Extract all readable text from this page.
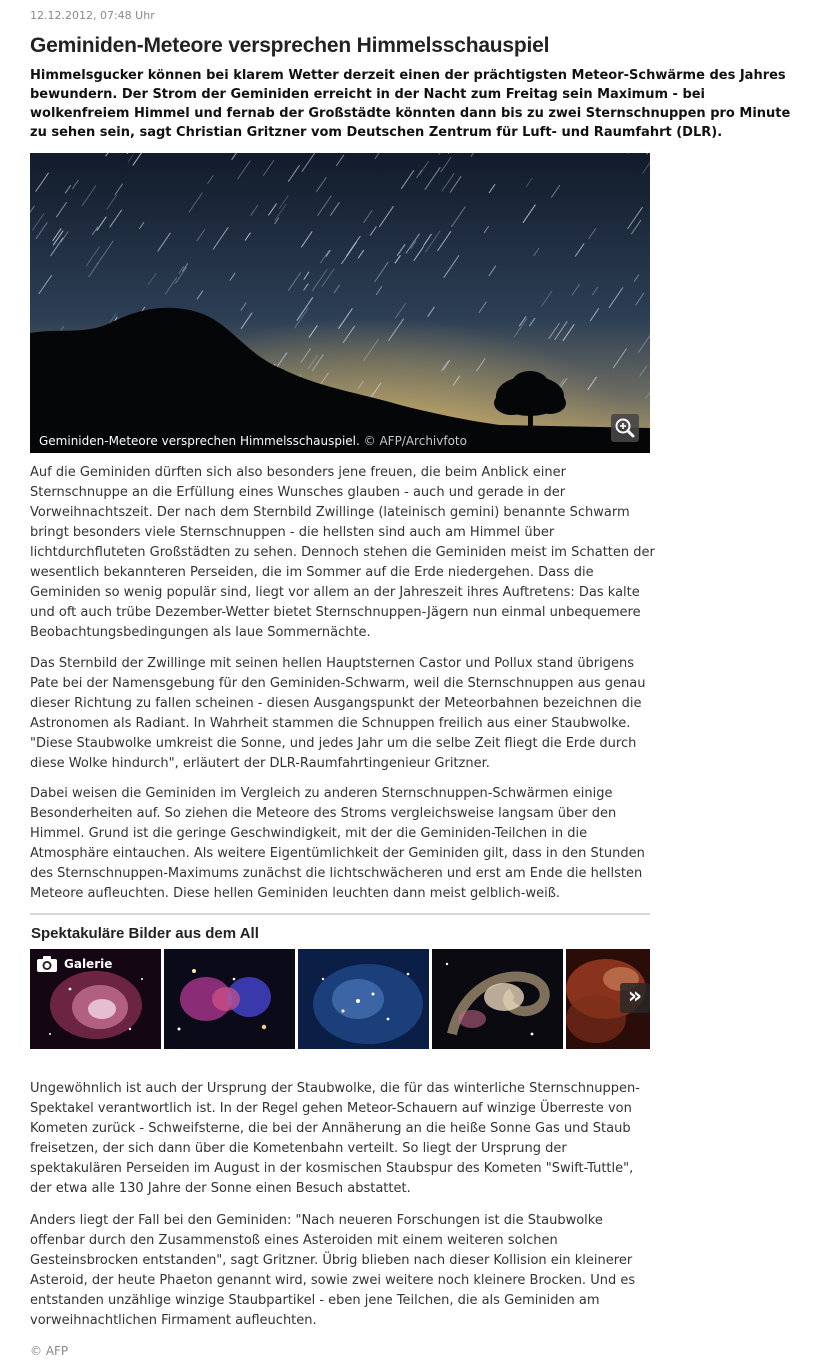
12.12.2012, 07:48 Uhr
Geminiden-Meteore versprechen Himmelsschauspiel

Himmelsgucker können bei klarem Wetter derzeit einen der prächtigsten Meteor-Schwärme des Jahres bewundern. Der Strom der Geminiden erreicht in der Nacht zum Freitag sein Maximum - bei wolkenfreiem Himmel und fernab der Großstädte könnten dann bis zu zwei Sternschnuppen pro Minute zu sehen sein, sagt Christian Gritzner vom Deutschen Zentrum für Luft- und Raumfahrt (DLR).

Geminiden-Meteore versprechen Himmelsschauspiel. © AFP/Archivfoto

Auf die Geminiden dürften sich also besonders jene freuen, die beim Anblick einer Sternschnuppe an die Erfüllung eines Wunsches glauben - auch und gerade in der Vorweihnachtszeit. Der nach dem Sternbild Zwillinge (lateinisch gemini) benannte Schwarm bringt besonders viele Sternschnuppen - die hellsten sind auch am Himmel über lichtdurchfluteten Großstädten zu sehen. Dennoch stehen die Geminiden meist im Schatten der wesentlich bekannteren Perseiden, die im Sommer auf die Erde niedergehen. Dass die Geminiden so wenig populär sind, liegt vor allem an der Jahreszeit ihres Auftretens: Das kalte und oft auch trübe Dezember-Wetter bietet Sternschnuppen-Jägern nun einmal unbequemere Beobachtungsbedingungen als laue Sommernächte.

Das Sternbild der Zwillinge mit seinen hellen Hauptsternen Castor und Pollux stand übrigens Pate bei der Namensgebung für den Geminiden-Schwarm, weil die Sternschnuppen aus genau dieser Richtung zu fallen scheinen - diesen Ausgangspunkt der Meteorbahnen bezeichnen die Astronomen als Radiant. In Wahrheit stammen die Schnuppen freilich aus einer Staubwolke. "Diese Staubwolke umkreist die Sonne, und jedes Jahr um die selbe Zeit fliegt die Erde durch diese Wolke hindurch", erläutert der DLR-Raumfahrtingenieur Gritzner.

Dabei weisen die Geminiden im Vergleich zu anderen Sternschnuppen-Schwärmen einige Besonderheiten auf. So ziehen die Meteore des Stroms vergleichsweise langsam über den Himmel. Grund ist die geringe Geschwindigkeit, mit der die Geminiden-Teilchen in die Atmosphäre eintauchen. Als weitere Eigentümlichkeit der Geminiden gilt, dass in den Stunden des Sternschnuppen-Maximums zunächst die lichtschwächeren und erst am Ende die hellsten Meteore aufleuchten. Diese hellen Geminiden leuchten dann meist gelblich-weiß.

Spektakuläre Bilder aus dem All
Galerie
»

Ungewöhnlich ist auch der Ursprung der Staubwolke, die für das winterliche Sternschnuppen-Spektakel verantwortlich ist. In der Regel gehen Meteor-Schauern auf winzige Überreste von Kometen zurück - Schweifsterne, die bei der Annäherung an die heiße Sonne Gas und Staub freisetzen, der sich dann über die Kometenbahn verteilt. So liegt der Ursprung der spektakulären Perseiden im August in der kosmischen Staubspur des Kometen "Swift-Tuttle", der etwa alle 130 Jahre der Sonne einen Besuch abstattet.

Anders liegt der Fall bei den Geminiden: "Nach neueren Forschungen ist die Staubwolke offenbar durch den Zusammenstoß eines Asteroiden mit einem weiteren solchen Gesteinsbrocken entstanden", sagt Gritzner. Übrig blieben nach dieser Kollision ein kleinerer Asteroid, der heute Phaeton genannt wird, sowie zwei weitere noch kleinere Brocken. Und es entstanden unzählige winzige Staubpartikel - eben jene Teilchen, die als Geminiden am vorweihnachtlichen Firmament aufleuchten.

© AFP
